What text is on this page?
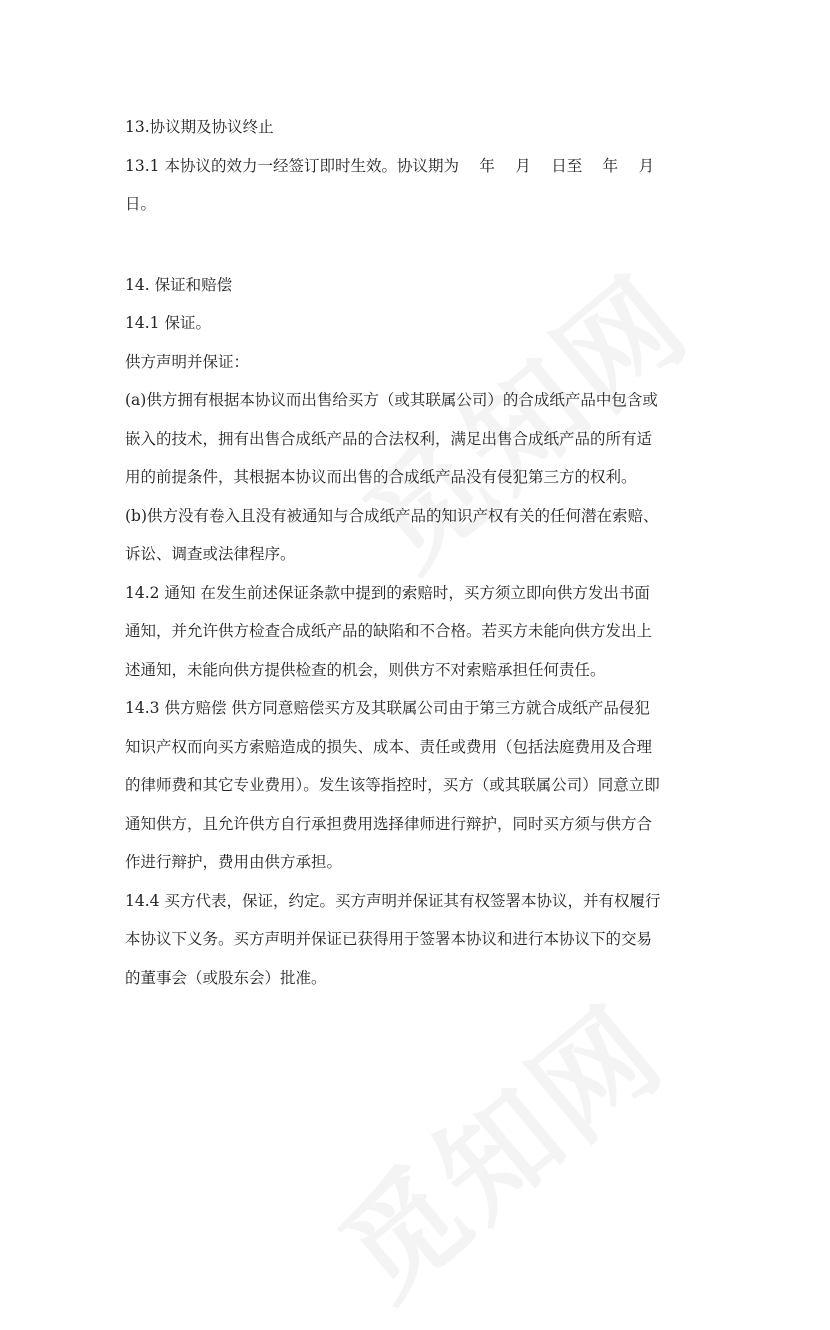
13.协议期及协议终止
13.1 本协议的效力一经签订即时生效。协议期为　 年　 月　 日至　 年　 月
日。
14. 保证和赔偿
14.1 保证。
供方声明并保证：
(a)供方拥有根据本协议而出售给买方（或其联属公司）的合成纸产品中包含或
嵌入的技术，拥有出售合成纸产品的合法权利，满足出售合成纸产品的所有适
用的前提条件，其根据本协议而出售的合成纸产品没有侵犯第三方的权利。
(b)供方没有卷入且没有被通知与合成纸产品的知识产权有关的任何潜在索赔、
诉讼、调查或法律程序。
14.2 通知 在发生前述保证条款中提到的索赔时，买方须立即向供方发出书面
通知，并允许供方检查合成纸产品的缺陷和不合格。若买方未能向供方发出上
述通知，未能向供方提供检查的机会，则供方不对索赔承担任何责任。
14.3 供方赔偿 供方同意赔偿买方及其联属公司由于第三方就合成纸产品侵犯
知识产权而向买方索赔造成的损失、成本、责任或费用（包括法庭费用及合理
的律师费和其它专业费用）。发生该等指控时，买方（或其联属公司）同意立即
通知供方，且允许供方自行承担费用选择律师进行辩护，同时买方须与供方合
作进行辩护，费用由供方承担。
14.4 买方代表，保证，约定。买方声明并保证其有权签署本协议，并有权履行
本协议下义务。买方声明并保证已获得用于签署本协议和进行本协议下的交易
的董事会（或股东会）批准。
